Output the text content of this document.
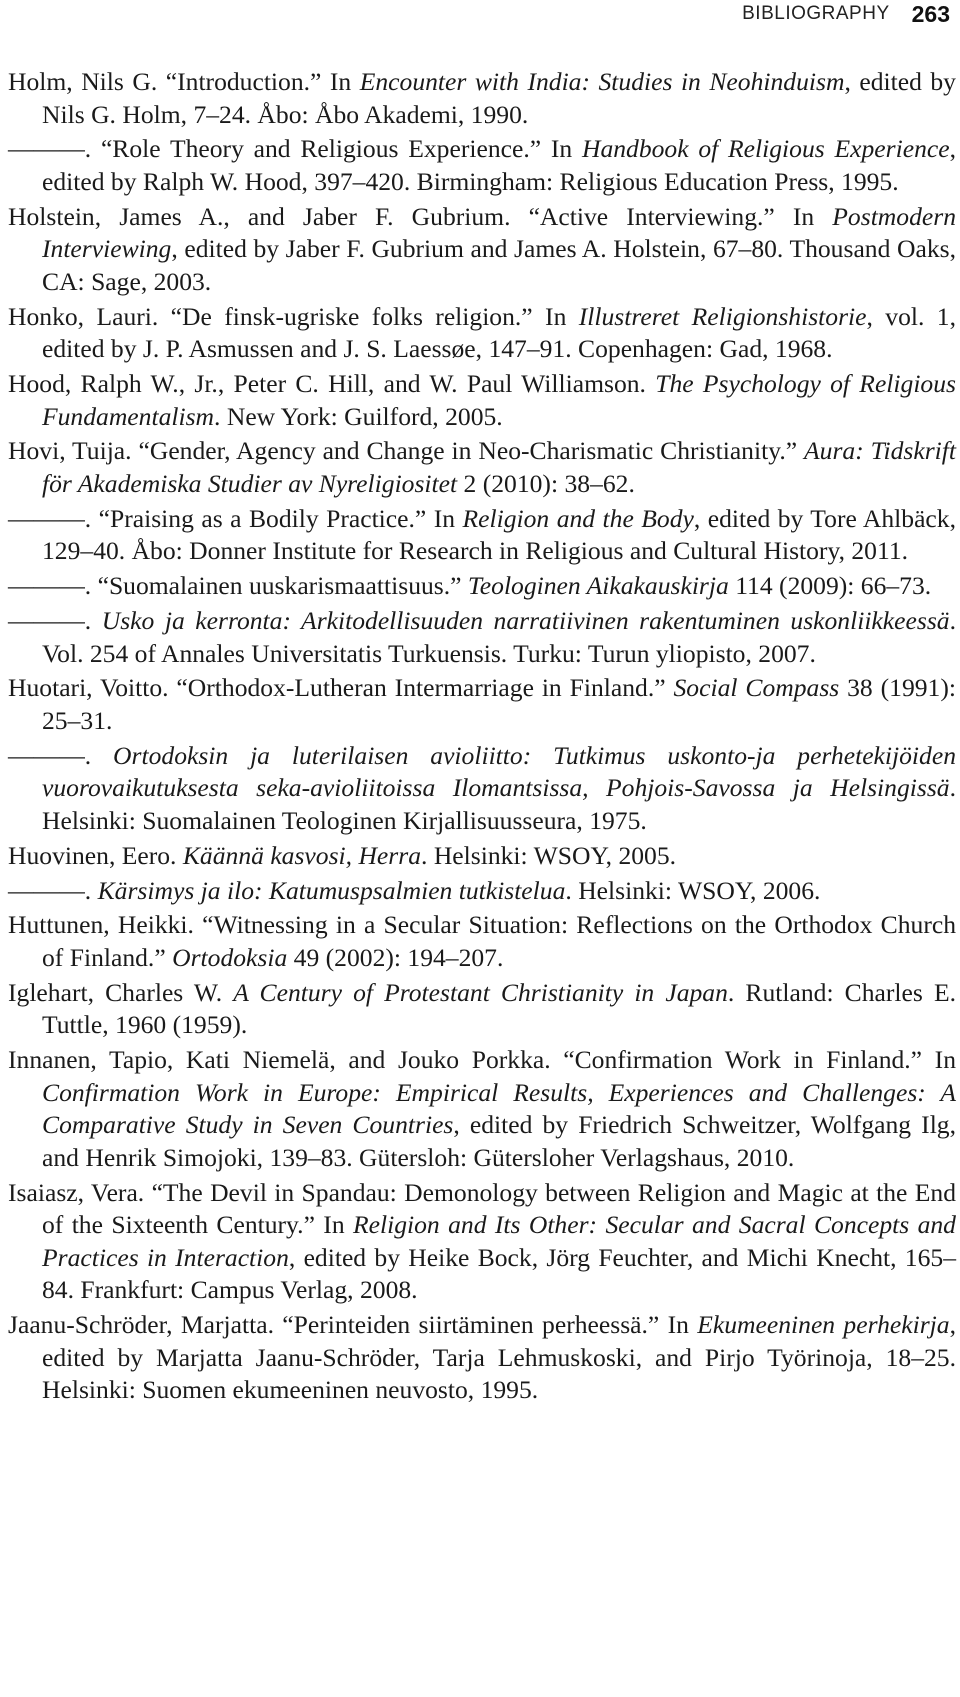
BIBLIOGRAPHY 263

Holm, Nils G. “Introduction.” In Encounter with India: Studies in Neohinduism, edited by Nils G. Holm, 7–24. Åbo: Åbo Akademi, 1990.

———. “Role Theory and Religious Experience.” In Handbook of Religious Experience, edited by Ralph W. Hood, 397–420. Birmingham: Religious Education Press, 1995.

Holstein, James A., and Jaber F. Gubrium. “Active Interviewing.” In Postmodern Interviewing, edited by Jaber F. Gubrium and James A. Holstein, 67–80. Thousand Oaks, CA: Sage, 2003.

Honko, Lauri. “De finsk-ugriske folks religion.” In Illustreret Religionshistorie, vol. 1, edited by J. P. Asmussen and J. S. Laessøe, 147–91. Copenhagen: Gad, 1968.

Hood, Ralph W., Jr., Peter C. Hill, and W. Paul Williamson. The Psychology of Religious Fundamentalism. New York: Guilford, 2005.

Hovi, Tuija. “Gender, Agency and Change in Neo-Charismatic Christianity.” Aura: Tidskrift för Akademiska Studier av Nyreligiositet 2 (2010): 38–62.

———. “Praising as a Bodily Practice.” In Religion and the Body, edited by Tore Ahlbäck, 129–40. Åbo: Donner Institute for Research in Religious and Cultural History, 2011.

———. “Suomalainen uuskarismaattisuus.” Teologinen Aikakauskirja 114 (2009): 66–73.

———. Usko ja kerronta: Arkitodellisuuden narratiivinen rakentuminen uskonliikkeessä. Vol. 254 of Annales Universitatis Turkuensis. Turku: Turun yliopisto, 2007.

Huotari, Voitto. “Orthodox-Lutheran Intermarriage in Finland.” Social Compass 38 (1991): 25–31.

———. Ortodoksin ja luterilaisen avioliitto: Tutkimus uskonto-ja perhetekijöiden vuorovaikutuksesta seka-avioliitoissa Ilomantsissa, Pohjois-Savossa ja Helsingissä. Helsinki: Suomalainen Teologinen Kirjallisuusseura, 1975.

Huovinen, Eero. Käännä kasvosi, Herra. Helsinki: WSOY, 2005.

———. Kärsimys ja ilo: Katumuspsalmien tutkistelua. Helsinki: WSOY, 2006.

Huttunen, Heikki. “Witnessing in a Secular Situation: Reflections on the Orthodox Church of Finland.” Ortodoksia 49 (2002): 194–207.

Iglehart, Charles W. A Century of Protestant Christianity in Japan. Rutland: Charles E. Tuttle, 1960 (1959).

Innanen, Tapio, Kati Niemelä, and Jouko Porkka. “Confirmation Work in Finland.” In Confirmation Work in Europe: Empirical Results, Experiences and Challenges: A Comparative Study in Seven Countries, edited by Friedrich Schweitzer, Wolfgang Ilg, and Henrik Simojoki, 139–83. Gütersloh: Gütersloher Verlagshaus, 2010.

Isaiasz, Vera. “The Devil in Spandau: Demonology between Religion and Magic at the End of the Sixteenth Century.” In Religion and Its Other: Secular and Sacral Concepts and Practices in Interaction, edited by Heike Bock, Jörg Feuchter, and Michi Knecht, 165–84. Frankfurt: Campus Verlag, 2008.

Jaanu-Schröder, Marjatta. “Perinteiden siirtäminen perheessä.” In Ekumeeninen perhekirja, edited by Marjatta Jaanu-Schröder, Tarja Lehmuskoski, and Pirjo Työrinoja, 18–25. Helsinki: Suomen ekumeeninen neuvosto, 1995.
